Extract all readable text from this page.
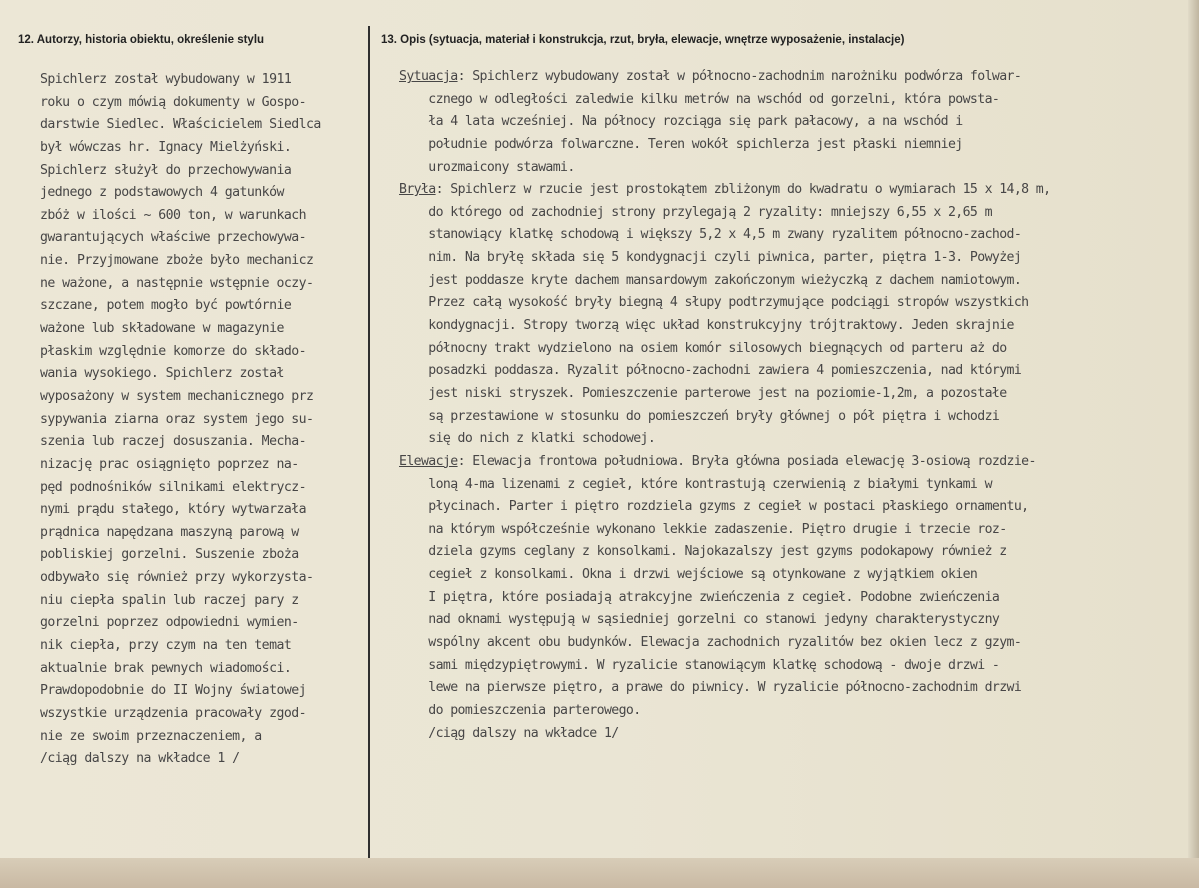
12. Autorzy, historia obiektu, określenie stylu	13. Opis (sytuacja, materiał i konstrukcja, rzut, bryła, elewacje, wnętrze wyposażenie, instalacje)
Spichlerz został wybudowany w 1911
roku o czym mówią dokumenty w Gospo-
darstwie Siedlec. Właścicielem Siedlca
był wówczas hr. Ignacy Mielżyński.
Spichlerz służył do przechowywania
jednego z podstawowych 4 gatunków
zbóż w ilości ~ 600 ton, w warunkach
gwarantujących właściwe przechowywa-
nie. Przyjmowane zboże było mechanicz
ne ważone, a następnie wstępnie oczy-
szczane, potem mogło być powtórnie
ważone lub składowane w magazynie
płaskim względnie komorze do składo-
wania wysokiego. Spichlerz został
wyposażony w system mechanicznego prz
sypywania ziarna oraz system jego su-
szenia lub raczej dosuszania. Mecha-
nizację prac osiągnięto poprzez na-
pęd podnośników silnikami elektrycz-
nymi prądu stałego, który wytwarzała
prądnica napędzana maszyną parową w
pobliskiej gorzelni. Suszenie zboża
odbywało się również przy wykorzysta-
niu ciepła spalin lub raczej pary z
gorzelni poprzez odpowiedni wymien-
nik ciepła, przy czym na ten temat
aktualnie brak pewnych wiadomości.
Prawdopodobnie do II Wojny światowej
wszystkie urządzenia pracowały zgod-
nie ze swoim przeznaczeniem, a
/ciąg dalszy na wkładce 1 /
Sytuacja: Spichlerz wybudowany został w północno-zachodnim narożniku podwórza folwar-
cznego w odległości zaledwie kilku metrów na wschód od gorzelni, która powsta-
ła 4 lata wcześniej. Na północy rozciąga się park pałacowy, a na wschód i
południe podwórza folwarczne. Teren wokół spichlerza jest płaski niemniej
urozmaicony stawami.
Bryła: Spichlerz w rzucie jest prostokątem zbliżonym do kwadratu o wymiarach 15 x 14,8 m,
do którego od zachodniej strony przylegają 2 ryzality: mniejszy 6,55 x 2,65 m
stanowiący klatkę schodową i większy 5,2 x 4,5 m zwany ryzalitem północno-zachod-
nim. Na bryłę składa się 5 kondygnacji czyli piwnica, parter, piętra 1-3. Powyżej
jest poddasze kryte dachem mansardowym zakończonym wieżyczką z dachem namiotowym.
Przez całą wysokość bryły biegną 4 słupy podtrzymujące podciągi stropów wszystkich
kondygnacji. Stropy tworzą więc układ konstrukcyjny trójtraktowy. Jeden skrajnie
północny trakt wydzielono na osiem komór silosowych biegnących od parteru aż do
posadzki poddasza. Ryzalit północno-zachodni zawiera 4 pomieszczenia, nad którymi
jest niski stryszek. Pomieszczenie parterowe jest na poziomie-1,2m, a pozostałe
są przestawione w stosunku do pomieszczeń bryły głównej o pół piętra i wchodzi
się do nich z klatki schodowej.
Elewacje: Elewacja frontowa południowa. Bryła główna posiada elewację 3-osiową rozdzie-
loną 4-ma lizenami z cegieł, które kontrastują czerwienią z białymi tynkami w
płycinach. Parter i piętro rozdziela gzyms z cegieł w postaci płaskiego ornamentu,
na którym współcześnie wykonano lekkie zadaszenie. Piętro drugie i trzecie roz-
dziela gzyms ceglany z konsolkami. Najokazalszy jest gzyms podokapowy również z
cegieł z konsolkami. Okna i drzwi wejściowe są otynkowane z wyjątkiem okien
I piętra, które posiadają atrakcyjne zwieńczenia z cegieł. Podobne zwieńczenia
nad oknami występują w sąsiedniej gorzelni co stanowi jedyny charakterystyczny
wspólny akcent obu budynków. Elewacja zachodnich ryzalitów bez okien lecz z gzym-
sami międzypiętrowymi. W ryzalicie stanowiącym klatkę schodową - dwoje drzwi -
lewe na pierwsze piętro, a prawe do piwnicy. W ryzalicie północno-zachodnim drzwi
do pomieszczenia parterowego.
/ciąg dalszy na wkładce 1/
